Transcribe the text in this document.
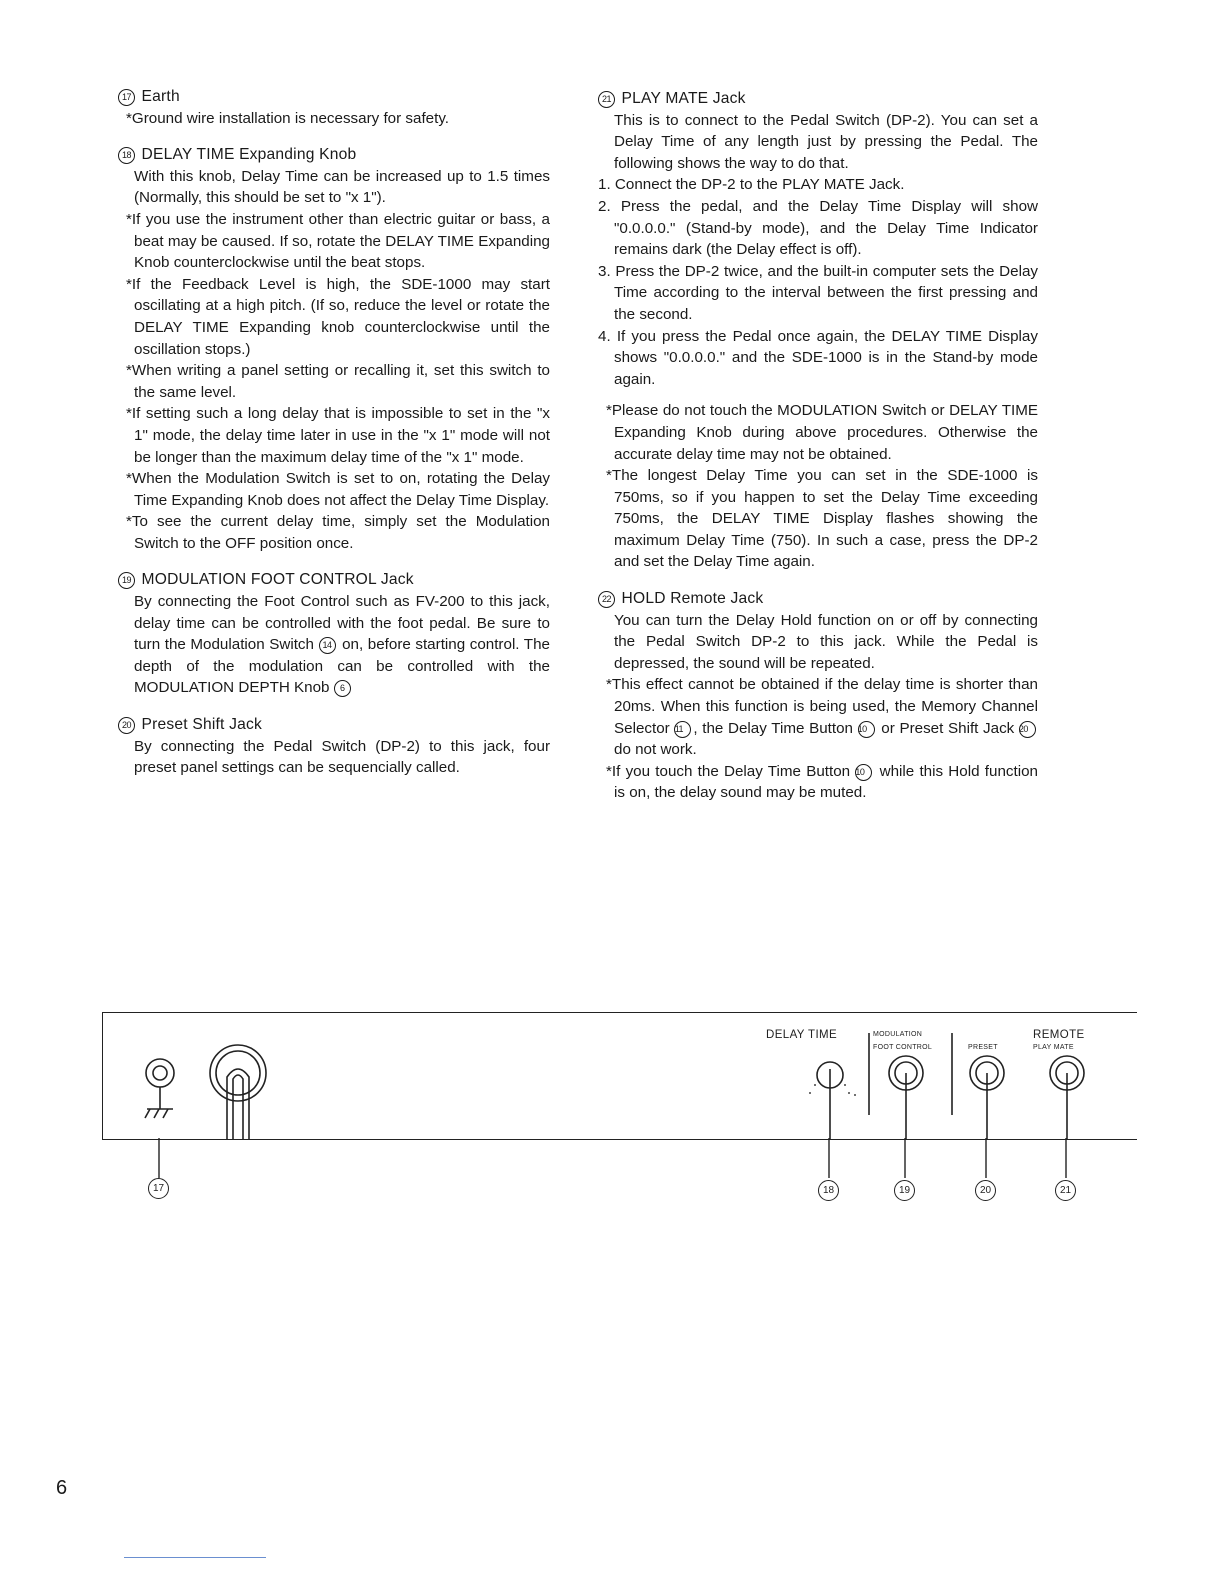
17 Earth
*Ground wire installation is necessary for safety.
18 DELAY TIME Expanding Knob
With this knob, Delay Time can be increased up to 1.5 times (Normally, this should be set to "x 1").
*If you use the instrument other than electric guitar or bass, a beat may be caused. If so, rotate the DELAY TIME Expanding Knob counterclockwise until the beat stops.
*If the Feedback Level is high, the SDE-1000 may start oscillating at a high pitch. (If so, reduce the level or rotate the DELAY TIME Expanding knob counterclockwise until the oscillation stops.)
*When writing a panel setting or recalling it, set this switch to the same level.
*If setting such a long delay that is impossible to set in the "x 1" mode, the delay time later in use in the "x 1" mode will not be longer than the maximum delay time of the "x 1" mode.
*When the Modulation Switch is set to on, rotating the Delay Time Expanding Knob does not affect the Delay Time Display.
*To see the current delay time, simply set the Modulation Switch to the OFF position once.
19 MODULATION FOOT CONTROL Jack
By connecting the Foot Control such as FV-200 to this jack, delay time can be controlled with the foot pedal. Be sure to turn the Modulation Switch 14 on, before starting control. The depth of the modulation can be controlled with the MODULATION DEPTH Knob 6
20 Preset Shift Jack
By connecting the Pedal Switch (DP-2) to this jack, four preset panel settings can be sequencially called.
21 PLAY MATE Jack
This is to connect to the Pedal Switch (DP-2). You can set a Delay Time of any length just by pressing the Pedal. The following shows the way to do that.
1. Connect the DP-2 to the PLAY MATE Jack.
2. Press the pedal, and the Delay Time Display will show "0.0.0.0." (Stand-by mode), and the Delay Time Indicator remains dark (the Delay effect is off).
3. Press the DP-2 twice, and the built-in computer sets the Delay Time according to the interval between the first pressing and the second.
4. If you press the Pedal once again, the DELAY TIME Display shows "0.0.0.0." and the SDE-1000 is in the Stand-by mode again.
*Please do not touch the MODULATION Switch or DELAY TIME Expanding Knob during above procedures. Otherwise the accurate delay time may not be obtained.
*The longest Delay Time you can set in the SDE-1000 is 750ms, so if you happen to set the Delay Time exceeding 750ms, the DELAY TIME Display flashes showing the maximum Delay Time (750). In such a case, press the DP-2 and set the Delay Time again.
22 HOLD Remote Jack
You can turn the Delay Hold function on or off by connecting the Pedal Switch DP-2 to this jack. While the Pedal is depressed, the sound will be repeated.
*This effect cannot be obtained if the delay time is shorter than 20ms. When this function is being used, the Memory Channel Selector 11 , the Delay Time Button 10 or Preset Shift Jack 20 do not work.
*If you touch the Delay Time Button 10 while this Hold function is on, the delay sound may be muted.
DELAY TIME	MODULATION
FOOT CONTROL	PRESET
REMOTE
PLAY MATE
17	18	19	20	21
6
